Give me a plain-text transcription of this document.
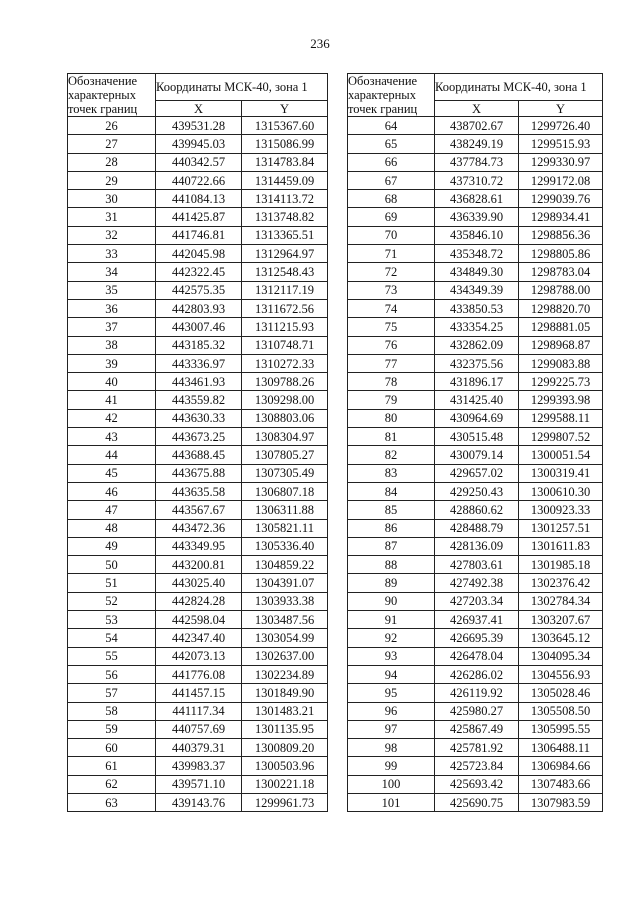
236
Обозначение характерных точек границ	Координаты МСК-40, зона 1	
	X	Y
26	439531.28	1315367.60
27	439945.03	1315086.99
28	440342.57	1314783.84
29	440722.66	1314459.09
30	441084.13	1314113.72
31	441425.87	1313748.82
32	441746.81	1313365.51
33	442045.98	1312964.97
34	442322.45	1312548.43
35	442575.35	1312117.19
36	442803.93	1311672.56
37	443007.46	1311215.93
38	443185.32	1310748.71
39	443336.97	1310272.33
40	443461.93	1309788.26
41	443559.82	1309298.00
42	443630.33	1308803.06
43	443673.25	1308304.97
44	443688.45	1307805.27
45	443675.88	1307305.49
46	443635.58	1306807.18
47	443567.67	1306311.88
48	443472.36	1305821.11
49	443349.95	1305336.40
50	443200.81	1304859.22
51	443025.40	1304391.07
52	442824.28	1303933.38
53	442598.04	1303487.56
54	442347.40	1303054.99
55	442073.13	1302637.00
56	441776.08	1302234.89
57	441457.15	1301849.90
58	441117.34	1301483.21
59	440757.69	1301135.95
60	440379.31	1300809.20
61	439983.37	1300503.96
62	439571.10	1300221.18
63	439143.76	1299961.73
Обозначение характерных точек границ	Координаты МСК-40, зона 1	
	X	Y
64	438702.67	1299726.40
65	438249.19	1299515.93
66	437784.73	1299330.97
67	437310.72	1299172.08
68	436828.61	1299039.76
69	436339.90	1298934.41
70	435846.10	1298856.36
71	435348.72	1298805.86
72	434849.30	1298783.04
73	434349.39	1298788.00
74	433850.53	1298820.70
75	433354.25	1298881.05
76	432862.09	1298968.87
77	432375.56	1299083.88
78	431896.17	1299225.73
79	431425.40	1299393.98
80	430964.69	1299588.11
81	430515.48	1299807.52
82	430079.14	1300051.54
83	429657.02	1300319.41
84	429250.43	1300610.30
85	428860.62	1300923.33
86	428488.79	1301257.51
87	428136.09	1301611.83
88	427803.61	1301985.18
89	427492.38	1302376.42
90	427203.34	1302784.34
91	426937.41	1303207.67
92	426695.39	1303645.12
93	426478.04	1304095.34
94	426286.02	1304556.93
95	426119.92	1305028.46
96	425980.27	1305508.50
97	425867.49	1305995.55
98	425781.92	1306488.11
99	425723.84	1306984.66
100	425693.42	1307483.66
101	425690.75	1307983.59
